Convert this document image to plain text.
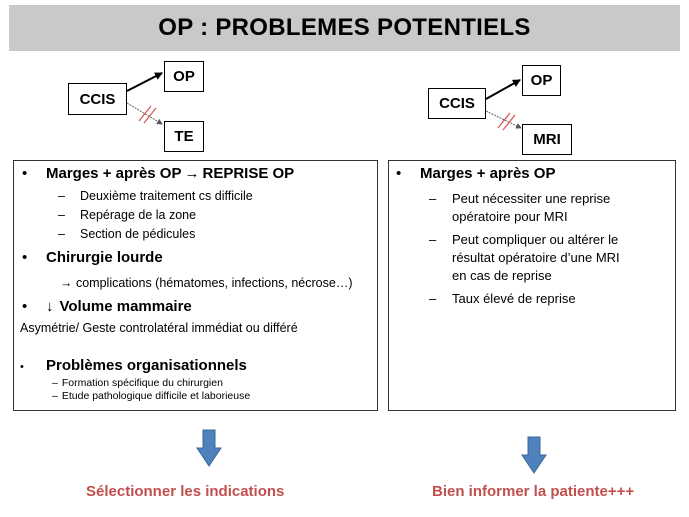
OP : PROBLEMES POTENTIELS
CCIS
OP
TE
CCIS
OP
MRI
•	Marges + après OP → REPRISE OP
– Deuxième traitement cs difficile
– Repérage de la zone
– Section de pédicules
•	Chirurgie lourde
→ complications (hématomes, infections, nécrose…)
•	↓ Volume mammaire
Asymétrie/ Geste controlatéral immédiat ou différé
•	Problèmes organisationnels
– Formation spécifique du chirurgien
– Etude pathologique difficile et laborieuse
•	Marges + après OP
– Peut nécessiter une reprise
opératoire pour MRI
– Peut compliquer ou altérer le
résultat opératoire d’une MRI
en cas de reprise
– Taux élevé de reprise
Sélectionner les indications	Bien informer la patiente+++
